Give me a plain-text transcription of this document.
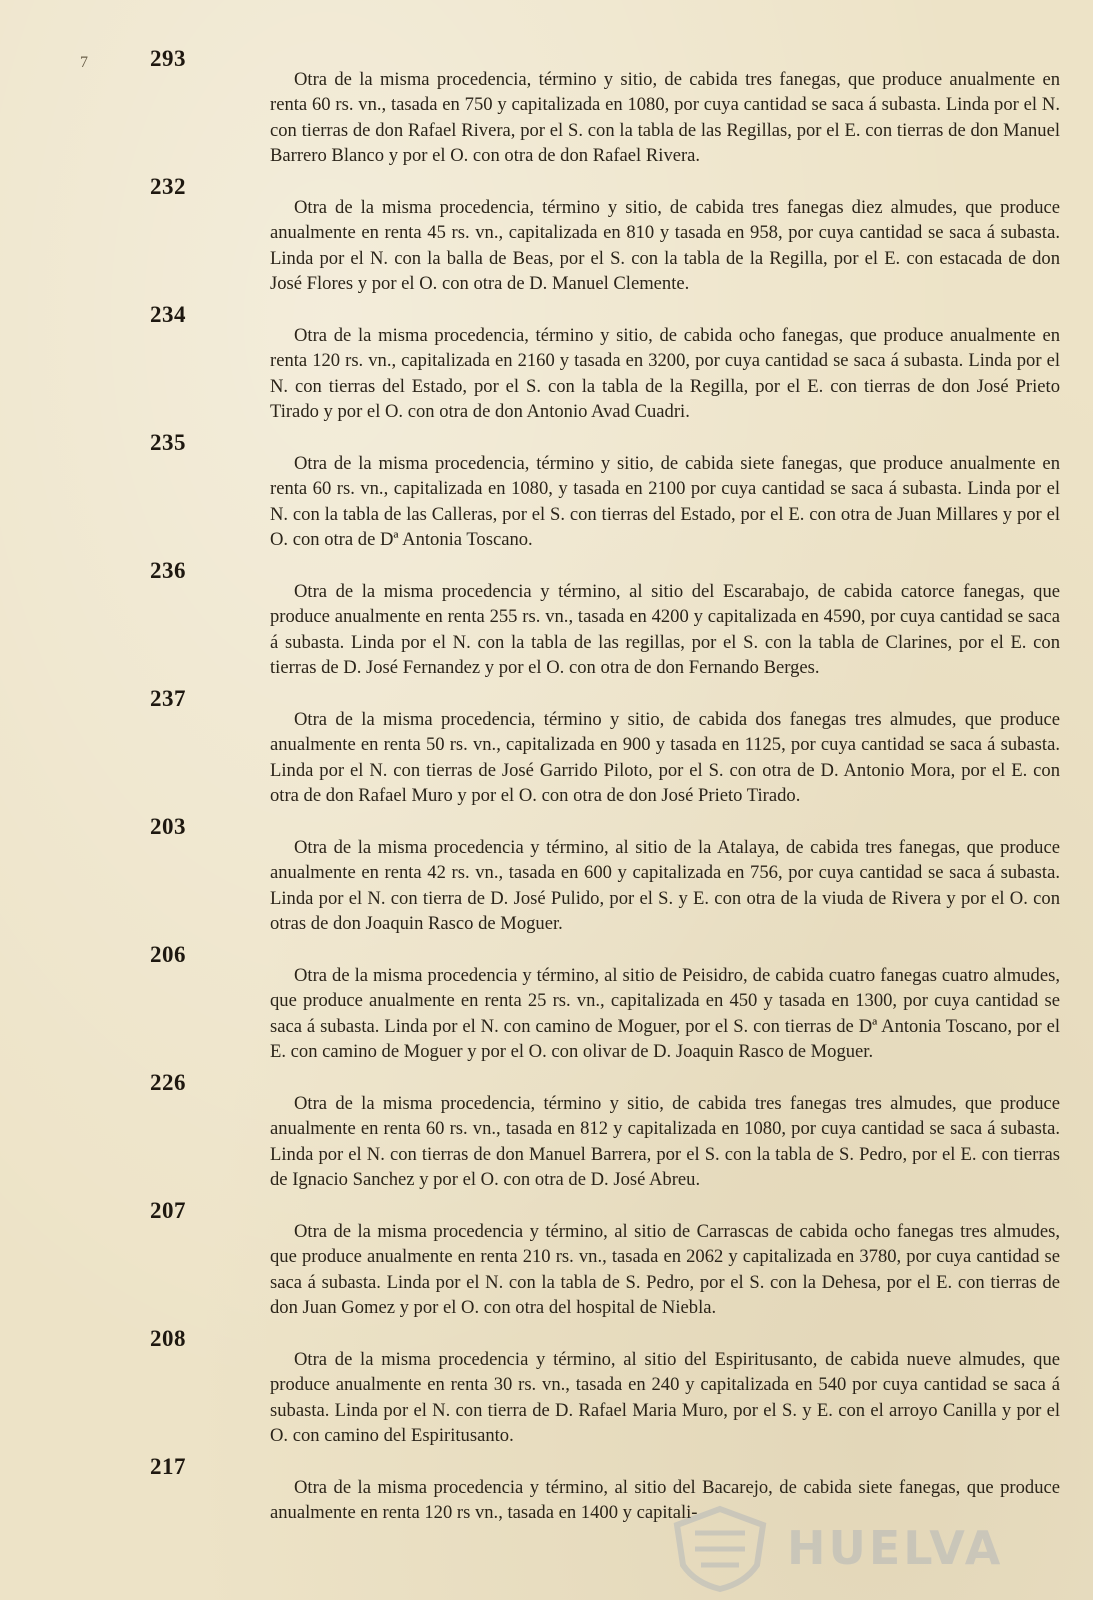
7	293

Otra de la misma procedencia, término y sitio, de cabida tres fanegas, que produce anualmente en renta 60 rs. vn., tasada en 750 y capitalizada en 1080, por cuya cantidad se saca á subasta. Linda por el N. con tierras de don Rafael Rivera, por el S. con la tabla de las Regillas, por el E. con tierras de don Manuel Barrero Blanco y por el O. con otra de don Rafael Rivera.

232

Otra de la misma procedencia, término y sitio, de cabida tres fanegas diez almudes, que produce anualmente en renta 45 rs. vn., capitalizada en 810 y tasada en 958, por cuya cantidad se saca á subasta. Linda por el N. con la balla de Beas, por el S. con la tabla de la Regilla, por el E. con estacada de don José Flores y por el O. con otra de D. Manuel Clemente.

234

Otra de la misma procedencia, término y sitio, de cabida ocho fanegas, que produce anualmente en renta 120 rs. vn., capitalizada en 2160 y tasada en 3200, por cuya cantidad se saca á subasta. Linda por el N. con tierras del Estado, por el S. con la tabla de la Regilla, por el E. con tierras de don José Prieto Tirado y por el O. con otra de don Antonio Avad Cuadri.

235

Otra de la misma procedencia, término y sitio, de cabida siete fanegas, que produce anualmente en renta 60 rs. vn., capitalizada en 1080, y tasada en 2100 por cuya cantidad se saca á subasta. Linda por el N. con la tabla de las Calleras, por el S. con tierras del Estado, por el E. con otra de Juan Millares y por el O. con otra de Dª Antonia Toscano.

236

Otra de la misma procedencia y término, al sitio del Escarabajo, de cabida catorce fanegas, que produce anualmente en renta 255 rs. vn., tasada en 4200 y capitalizada en 4590, por cuya cantidad se saca á subasta. Linda por el N. con la tabla de las regillas, por el S. con la tabla de Clarines, por el E. con tierras de D. José Fernandez y por el O. con otra de don Fernando Berges.

237

Otra de la misma procedencia, término y sitio, de cabida dos fanegas tres almudes, que produce anualmente en renta 50 rs. vn., capitalizada en 900 y tasada en 1125, por cuya cantidad se saca á subasta. Linda por el N. con tierras de José Garrido Piloto, por el S. con otra de D. Antonio Mora, por el E. con otra de don Rafael Muro y por el O. con otra de don José Prieto Tirado.

203

Otra de la misma procedencia y término, al sitio de la Atalaya, de cabida tres fanegas, que produce anualmente en renta 42 rs. vn., tasada en 600 y capitalizada en 756, por cuya cantidad se saca á subasta. Linda por el N. con tierra de D. José Pulido, por el S. y E. con otra de la viuda de Rivera y por el O. con otras de don Joaquin Rasco de Moguer.

206

Otra de la misma procedencia y término, al sitio de Peisidro, de cabida cuatro fanegas cuatro almudes, que produce anualmente en renta 25 rs. vn., capitalizada en 450 y tasada en 1300, por cuya cantidad se saca á subasta. Linda por el N. con camino de Moguer, por el S. con tierras de Dª Antonia Toscano, por el E. con camino de Moguer y por el O. con olivar de D. Joaquin Rasco de Moguer.

226

Otra de la misma procedencia, término y sitio, de cabida tres fanegas tres almudes, que produce anualmente en renta 60 rs. vn., tasada en 812 y capitalizada en 1080, por cuya cantidad se saca á subasta. Linda por el N. con tierras de don Manuel Barrera, por el S. con la tabla de S. Pedro, por el E. con tierras de Ignacio Sanchez y por el O. con otra de D. José Abreu.

207

Otra de la misma procedencia y término, al sitio de Carrascas de cabida ocho fanegas tres almudes, que produce anualmente en renta 210 rs. vn., tasada en 2062 y capitalizada en 3780, por cuya cantidad se saca á subasta. Linda por el N. con la tabla de S. Pedro, por el S. con la Dehesa, por el E. con tierras de don Juan Gomez y por el O. con otra del hospital de Niebla.

208

Otra de la misma procedencia y término, al sitio del Espiritusanto, de cabida nueve almudes, que produce anualmente en renta 30 rs. vn., tasada en 240 y capitalizada en 540 por cuya cantidad se saca á subasta. Linda por el N. con tierra de D. Rafael Maria Muro, por el S. y E. con el arroyo Canilla y por el O. con camino del Espiritusanto.

217

Otra de la misma procedencia y término, al sitio del Bacarejo, de cabida siete fanegas, que produce anualmente en renta 120 rs vn., tasada en 1400 y capitali-

HUELVA
